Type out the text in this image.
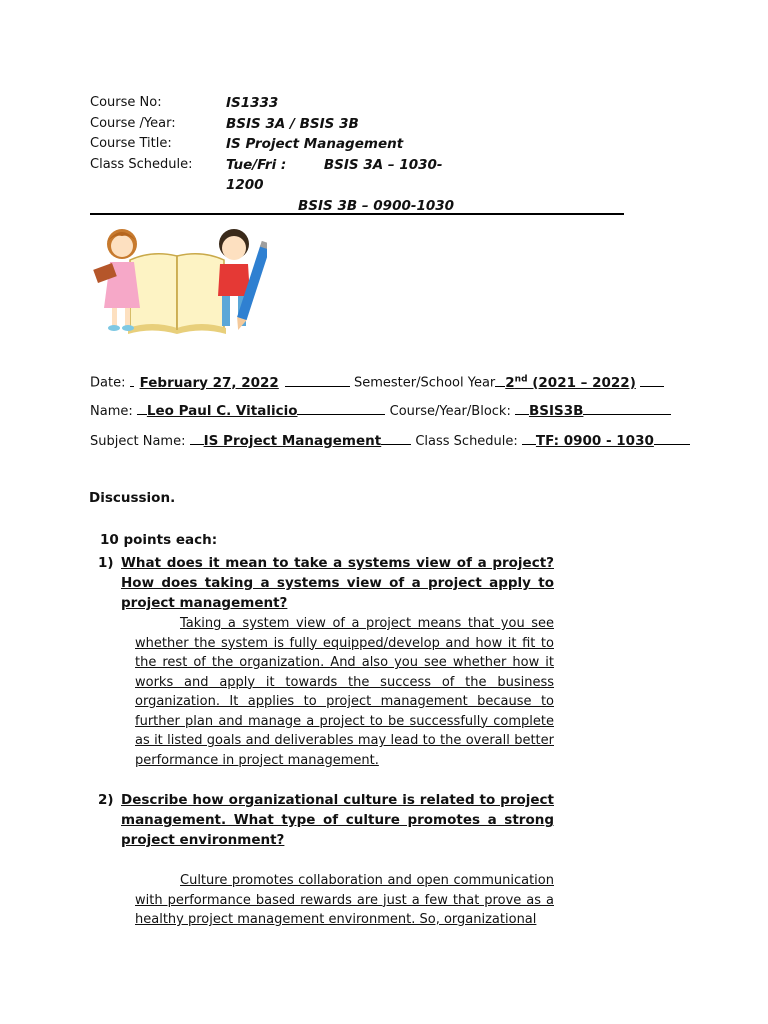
Course No:	IS1333
Course /Year:	BSIS 3A / BSIS 3B
Course Title:	IS Project Management
Class Schedule: Tue/Fri :        BSIS 3A – 1030-
1200
BSIS 3B – 0900-1030
Date: February 27, 2022	Semester/School Year 2nd (2021 – 2022)
Name: Leo Paul C. Vitalicio	Course/Year/Block: BSIS3B
Subject Name: IS Project Management Class Schedule: TF: 0900 - 1030
Discussion.
10 points each:
1) What does it mean to take a systems view of a project? How does taking a systems view of a project apply to project management?
Taking a system view of a project means that you see whether the system is fully equipped/develop and how it fit to the rest of the organization. And also you see whether how it works and apply it towards the success of the business organization. It applies to project management because to further plan and manage a project to be successfully complete as it listed goals and deliverables may lead to the overall better performance in project management.
2) Describe how organizational culture is related to project management. What type of culture promotes a strong project environment?
Culture promotes collaboration and open communication with performance based rewards are just a few that prove as a healthy project management environment. So, organizational
